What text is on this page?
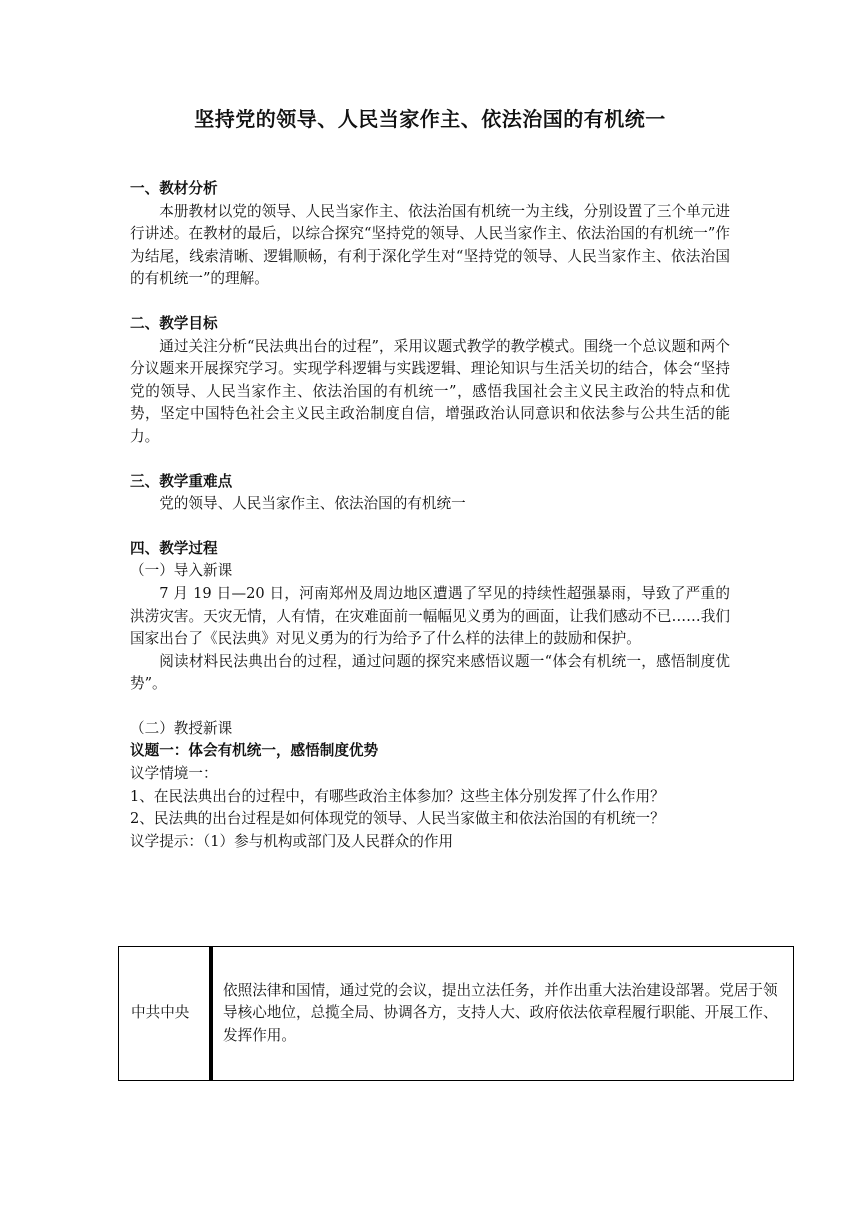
坚持党的领导、人民当家作主、依法治国的有机统一

一、教材分析

本册教材以党的领导、人民当家作主、依法治国有机统一为主线，分别设置了三个单元进行讲述。在教材的最后，以综合探究“坚持党的领导、人民当家作主、依法治国的有机统一”作为结尾，线索清晰、逻辑顺畅，有利于深化学生对“坚持党的领导、人民当家作主、依法治国的有机统一”的理解。

二、教学目标

通过关注分析“民法典出台的过程”，采用议题式教学的教学模式。围绕一个总议题和两个分议题来开展探究学习。实现学科逻辑与实践逻辑、理论知识与生活关切的结合，体会“坚持党的领导、人民当家作主、依法治国的有机统一”，感悟我国社会主义民主政治的特点和优势，坚定中国特色社会主义民主政治制度自信，增强政治认同意识和依法参与公共生活的能力。

三、教学重难点

党的领导、人民当家作主、依法治国的有机统一

四、教学过程

（一）导入新课

7 月 19 日—20 日，河南郑州及周边地区遭遇了罕见的持续性超强暴雨，导致了严重的洪涝灾害。天灾无情，人有情，在灾难面前一幅幅见义勇为的画面，让我们感动不已……我们国家出台了《民法典》对见义勇为的行为给予了什么样的法律上的鼓励和保护。

阅读材料民法典出台的过程，通过问题的探究来感悟议题一“体会有机统一，感悟制度优势”。

（二）教授新课

议题一：体会有机统一，感悟制度优势

议学情境一：

1、在民法典出台的过程中，有哪些政治主体参加？这些主体分别发挥了什么作用？

2、民法典的出台过程是如何体现党的领导、人民当家做主和依法治国的有机统一？

议学提示：（1）参与机构或部门及人民群众的作用

中共中央	依照法律和国情，通过党的会议，提出立法任务，并作出重大法治建设部署。党居于领导核心地位，总揽全局、协调各方，支持人大、政府依法依章程履行职能、开展工作、发挥作用。
